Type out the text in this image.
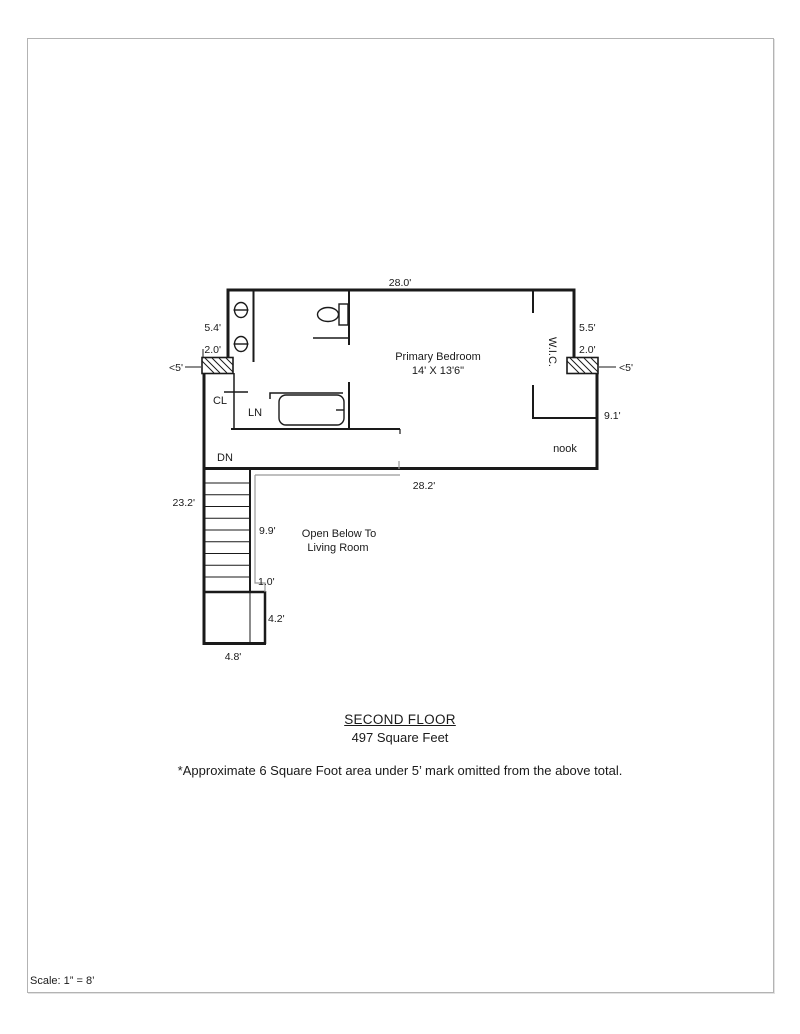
28.0'
5.4'
2.0'
<5'
5.5'
2.0'
<5'
9.1'
28.2'
23.2'
9.9'
1.0'
4.2'
4.8'
Primary Bedroom
14' X 13'6"
W.I.C.
nook
CL
LN
DN
Open Below To
Living Room
SECOND FLOOR
497 Square Feet
*Approximate 6 Square Foot area under 5’ mark omitted from the above total.
Scale: 1” = 8’
